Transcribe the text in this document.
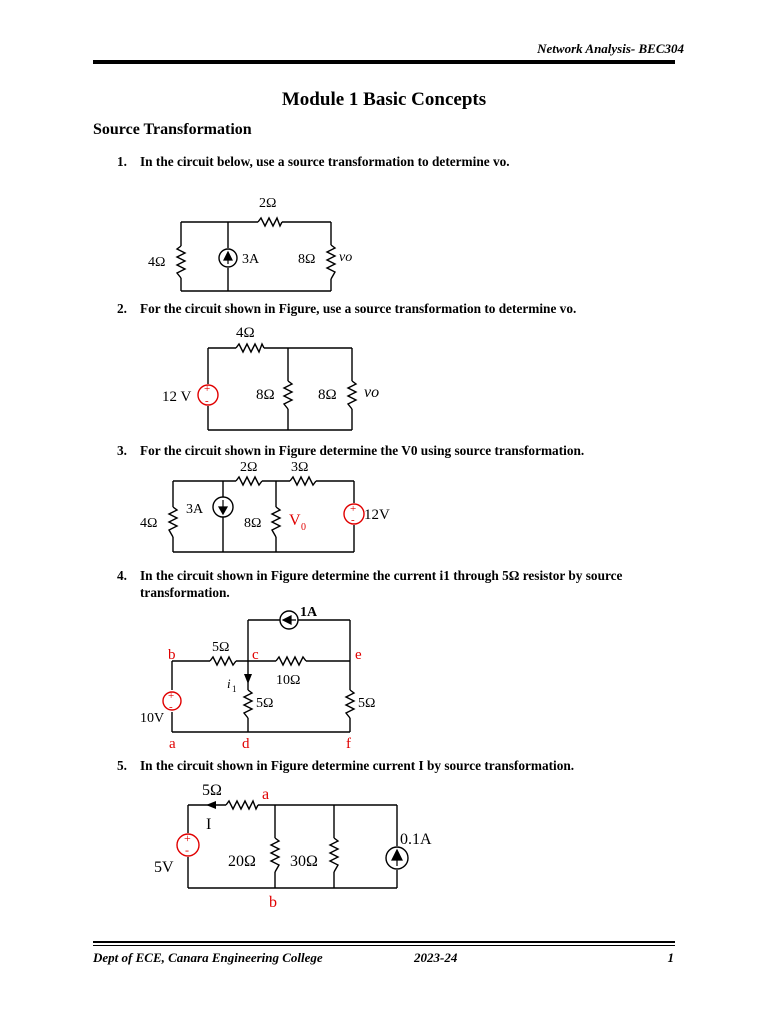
Network Analysis- BEC304
Module 1 Basic Concepts
Source Transformation
1. In the circuit below, use a source transformation to determine vo.
2Ω
4Ω	3A	8Ω vo
2. For the circuit shown in Figure, use a source transformation to determine vo.
+
-
4Ω
12 V	8Ω	8Ω vo
3. For the circuit shown in Figure determine the V0 using source transformation.
+
-
2Ω 3Ω
4Ω
3A
8Ω V 0
12V
4. In the circuit shown in Figure determine the current i1 through 5Ω resistor by source transformation.
+
-
1A
5Ω
10Ω
i 1
5Ω	5Ω
10V
a
b	c
d
e
f
5. In the circuit shown in Figure determine current I by source transformation.
+
-
5Ω	a
I
5V	20Ω 30Ω
0.1A
b
Dept of ECE, Canara Engineering College	2023-24	1
